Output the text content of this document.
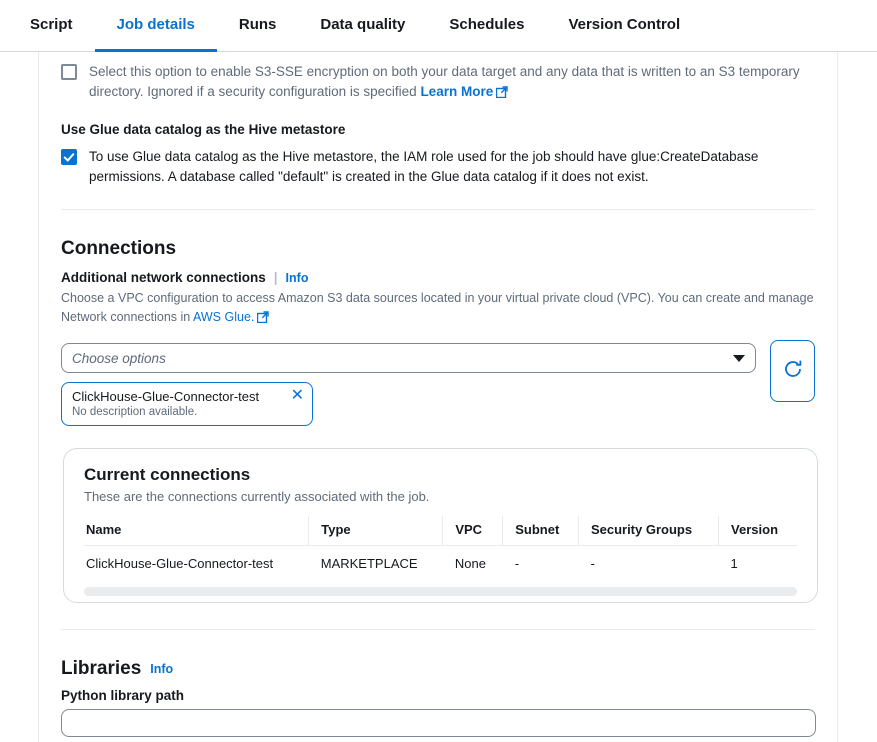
Script	Job details	Runs	Data quality	Schedules	Version Control
Select this option to enable S3-SSE encryption on both your data target and any data that is written to an S3 temporary directory. Ignored if a security configuration is specified Learn More
Use Glue data catalog as the Hive metastore
To use Glue data catalog as the Hive metastore, the IAM role used for the job should have glue:CreateDatabase permissions. A database called "default" is created in the Glue data catalog if it does not exist.
Connections
Additional network connections | Info
Choose a VPC configuration to access Amazon S3 data sources located in your virtual private cloud (VPC). You can create and manage Network connections in AWS Glue.
Choose options
ClickHouse-Glue-Connector-test
No description available.
✕
Current connections
These are the connections currently associated with the job.
Name	Type	VPC	Subnet	Security Groups	Version
ClickHouse-Glue-Connector-test	MARKETPLACE	None	-	-	1
Libraries Info
Python library path
